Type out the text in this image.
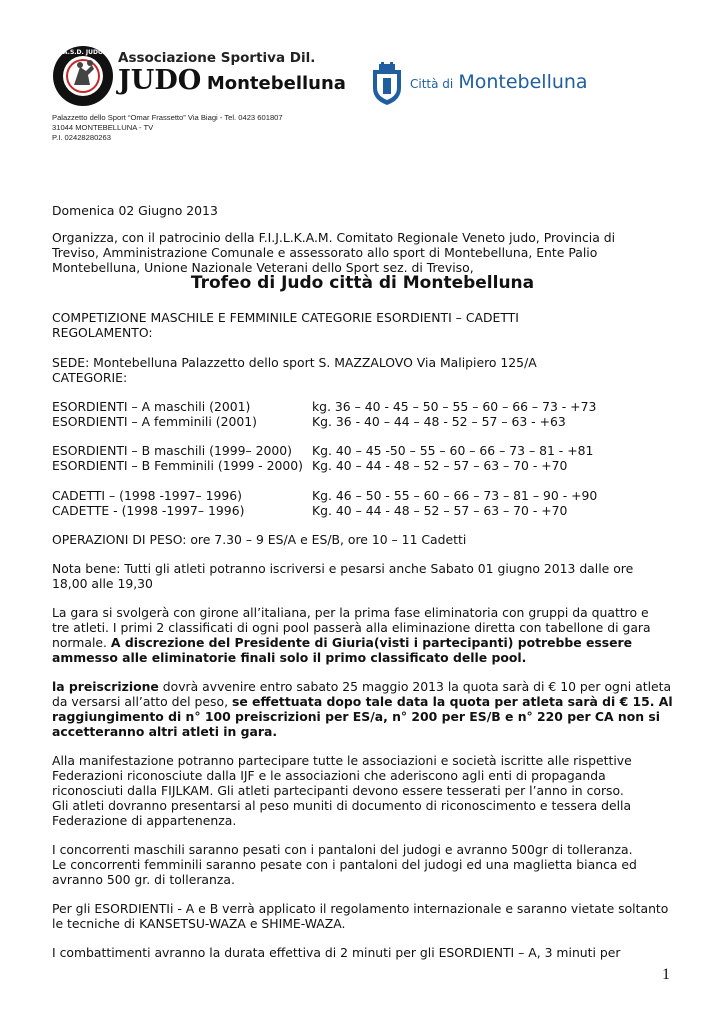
A.S.D. JUDO Associazione Sportiva Dil.
JUDO Montebelluna
Palazzetto dello Sport “Omar Frassetto” Via Biagi - Tel. 0423 601807
31044 MONTEBELLUNA - TV
P.I. 02428280263
Città di Montebelluna
Domenica 02 Giugno 2013
Organizza, con il patrocinio della F.I.J.L.K.A.M. Comitato Regionale Veneto judo, Provincia di
Treviso, Amministrazione Comunale e assessorato allo sport di Montebelluna, Ente Palio
Montebelluna, Unione Nazionale Veterani dello Sport sez. di Treviso,
Trofeo di Judo città di Montebelluna
COMPETIZIONE MASCHILE E FEMMINILE CATEGORIE ESORDIENTI – CADETTI
REGOLAMENTO:
SEDE: Montebelluna Palazzetto dello sport S. MAZZALOVO Via Malipiero 125/A
CATEGORIE:
ESORDIENTI – A maschili (2001)	kg. 36 – 40 - 45 – 50 – 55 – 60 – 66 – 73 - +73
ESORDIENTI – A femminili (2001)	Kg. 36 - 40 – 44 – 48 - 52 – 57 – 63 - +63
ESORDIENTI – B maschili (1999– 2000)	Kg. 40 – 45 -50 – 55 – 60 – 66 – 73 – 81 - +81
ESORDIENTI – B Femminili (1999 - 2000) Kg. 40 – 44 - 48 – 52 – 57 – 63 – 70 - +70
CADETTI – (1998 -1997– 1996)	Kg. 46 – 50 - 55 – 60 – 66 – 73 – 81 – 90 - +90
CADETTE - (1998 -1997– 1996)	Kg. 40 – 44 - 48 – 52 – 57 – 63 – 70 - +70
OPERAZIONI DI PESO: ore 7.30 – 9 ES/A e ES/B, ore 10 – 11 Cadetti
Nota bene: Tutti gli atleti potranno iscriversi e pesarsi anche Sabato 01 giugno 2013 dalle ore
18,00 alle 19,30
La gara si svolgerà con girone all’italiana, per la prima fase eliminatoria con gruppi da quattro e
tre atleti. I primi 2 classificati di ogni pool passerà alla eliminazione diretta con tabellone di gara
normale. A discrezione del Presidente di Giuria(visti i partecipanti) potrebbe essere
ammesso alle eliminatorie finali solo il primo classificato delle pool.
la preiscrizione dovrà avvenire entro sabato 25 maggio 2013 la quota sarà di € 10 per ogni atleta
da versarsi all’atto del peso, se effettuata dopo tale data la quota per atleta sarà di € 15. Al
raggiungimento di n° 100 preiscrizioni per ES/a, n° 200 per ES/B e n° 220 per CA non si
accetteranno altri atleti in gara.
Alla manifestazione potranno partecipare tutte le associazioni e società iscritte alle rispettive
Federazioni riconosciute dalla IJF e le associazioni che aderiscono agli enti di propaganda
riconosciuti dalla FIJLKAM. Gli atleti partecipanti devono essere tesserati per l’anno in corso.
Gli atleti dovranno presentarsi al peso muniti di documento di riconoscimento e tessera della
Federazione di appartenenza.
I concorrenti maschili saranno pesati con i pantaloni del judogi e avranno 500gr di tolleranza.
Le concorrenti femminili saranno pesate con i pantaloni del judogi ed una maglietta bianca ed
avranno 500 gr. di tolleranza.
Per gli ESORDIENTIi - A e B verrà applicato il regolamento internazionale e saranno vietate soltanto
le tecniche di KANSETSU-WAZA e SHIME-WAZA.
I combattimenti avranno la durata effettiva di 2 minuti per gli ESORDIENTI – A, 3 minuti per
1
